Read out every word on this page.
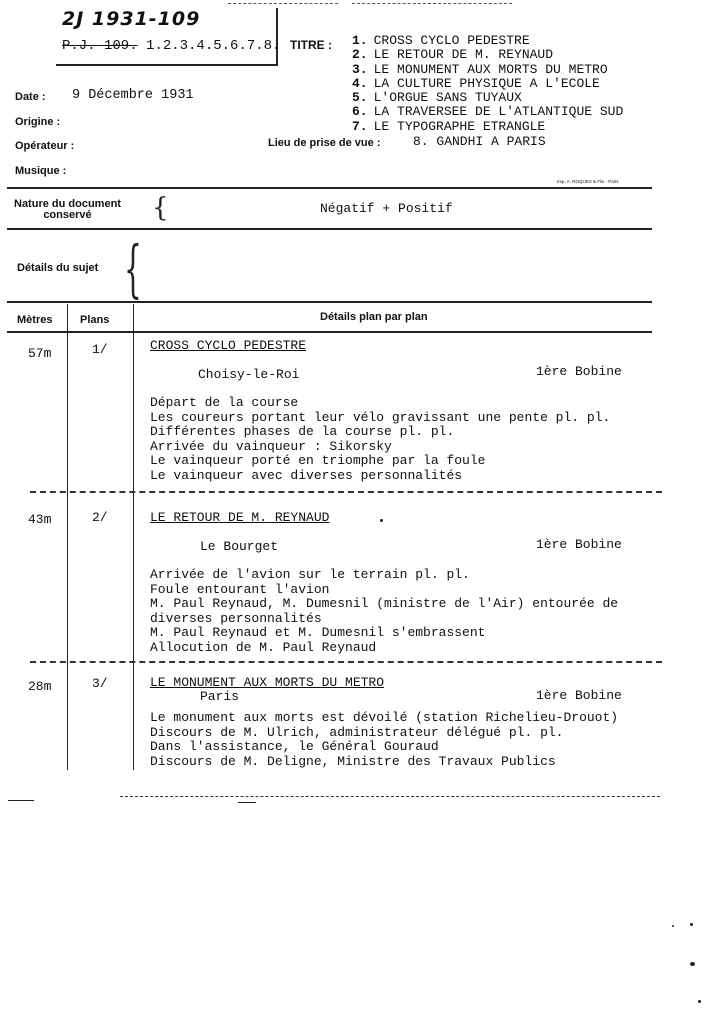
2J 1931-109
P.J. 109. 1.2.3.4.5.6.7.8. TITRE : 1. CROSS CYCLO PEDESTRE
2. LE RETOUR DE M. REYNAUD
3. LE MONUMENT AUX MORTS DU METRO
4. LA CULTURE PHYSIQUE A L'ECOLE
5. L'ORGUE SANS TUYAUX
6. LA TRAVERSEE DE L'ATLANTIQUE SUD
7. LE TYPOGRAPHE ETRANGLE
Date : 9 Décembre 1931
Origine :
Opérateur :	Lieu de prise de vue :	8. GANDHI A PARIS
Musique :
Imp. A. ROQUES & Fils - Paris
Nature du document
conservé	{	Négatif + Positif
Détails du sujet {
Mètres	Plans	Détails plan par plan
57m	1/	CROSS CYCLO PEDESTRE
Choisy-le-Roi	1ère Bobine
Départ de la course
Les coureurs portant leur vélo gravissant une pente pl. pl.
Différentes phases de la course pl. pl.
Arrivée du vainqueur : Sikorsky
Le vainqueur porté en triomphe par la foule
Le vainqueur avec diverses personnalités
43m	2/	LE RETOUR DE M. REYNAUD
Le Bourget	1ère Bobine
Arrivée de l'avion sur le terrain pl. pl.
Foule entourant l'avion
M. Paul Reynaud, M. Dumesnil (ministre de l'Air) entourée de
diverses personnalités
M. Paul Reynaud et M. Dumesnil s'embrassent
Allocution de M. Paul Reynaud
28m	3/	LE MONUMENT AUX MORTS DU METRO
Paris	1ère Bobine
Le monument aux morts est dévoilé (station Richelieu-Drouot)
Discours de M. Ulrich, administrateur délégué pl. pl.
Dans l'assistance, le Général Gouraud
Discours de M. Deligne, Ministre des Travaux Publics
